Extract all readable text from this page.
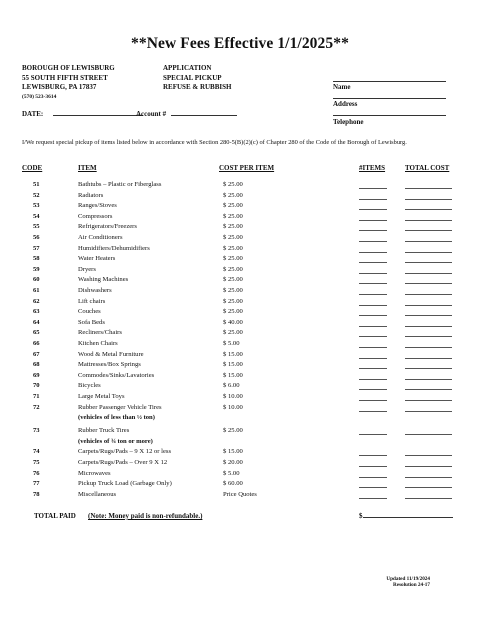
**New Fees Effective 1/1/2025**
BOROUGH OF LEWISBURG
55 SOUTH FIFTH STREET
LEWISBURG, PA 17837
(570) 523-3614
APPLICATION
SPECIAL PICKUP
REFUSE & RUBBISH	Name
Address
Telephone
DATE:	Account #
I/We request special pickup of items listed below in accordance with Section 280-5(B)(2)(c) of Chapter 280 of the Code of the Borough of Lewisburg.
CODE	ITEM	COST PER ITEM	#ITEMS	TOTAL COST
51	Bathtubs – Plastic or Fiberglass	$ 25.00
52	Radiators	$ 25.00
53	Ranges/Stoves	$ 25.00
54	Compressors	$ 25.00
55	Refrigerators/Freezers	$ 25.00
56	Air Conditioners	$ 25.00
57	Humidifiers/Dehumidifiers	$ 25.00
58	Water Heaters	$ 25.00
59	Dryers	$ 25.00
60	Washing Machines	$ 25.00
61	Dishwashers	$ 25.00
62	Lift chairs	$ 25.00
63	Couches	$ 25.00
64	Sofa Beds	$ 40.00
65	Recliners/Chairs	$ 25.00
66	Kitchen Chairs	$ 5.00
67	Wood & Metal Furniture	$ 15.00
68	Mattresses/Box Springs	$ 15.00
69	Commodes/Sinks/Lavatories	$ 15.00
70	Bicycles	$ 6.00
71	Large Metal Toys	$ 10.00
72	Rubber Passenger Vehicle Tires	$ 10.00
(vehicles of less than ½ ton)
73	Rubber Truck Tires	$ 25.00
(vehicles of ¾ ton or more)
74	Carpets/Rugs/Pads – 9 X 12 or less	$ 15.00
75	Carpets/Rugs/Pads – Over 9 X 12	$ 20.00
76	Microwaves	$ 5.00
77	Pickup Truck Load (Garbage Only)	$ 60.00
78	Miscellaneous	Price Quotes
TOTAL PAID (Note: Money paid is non-refundable.)	$
Updated 11/19/2024
Resolution 24-17
